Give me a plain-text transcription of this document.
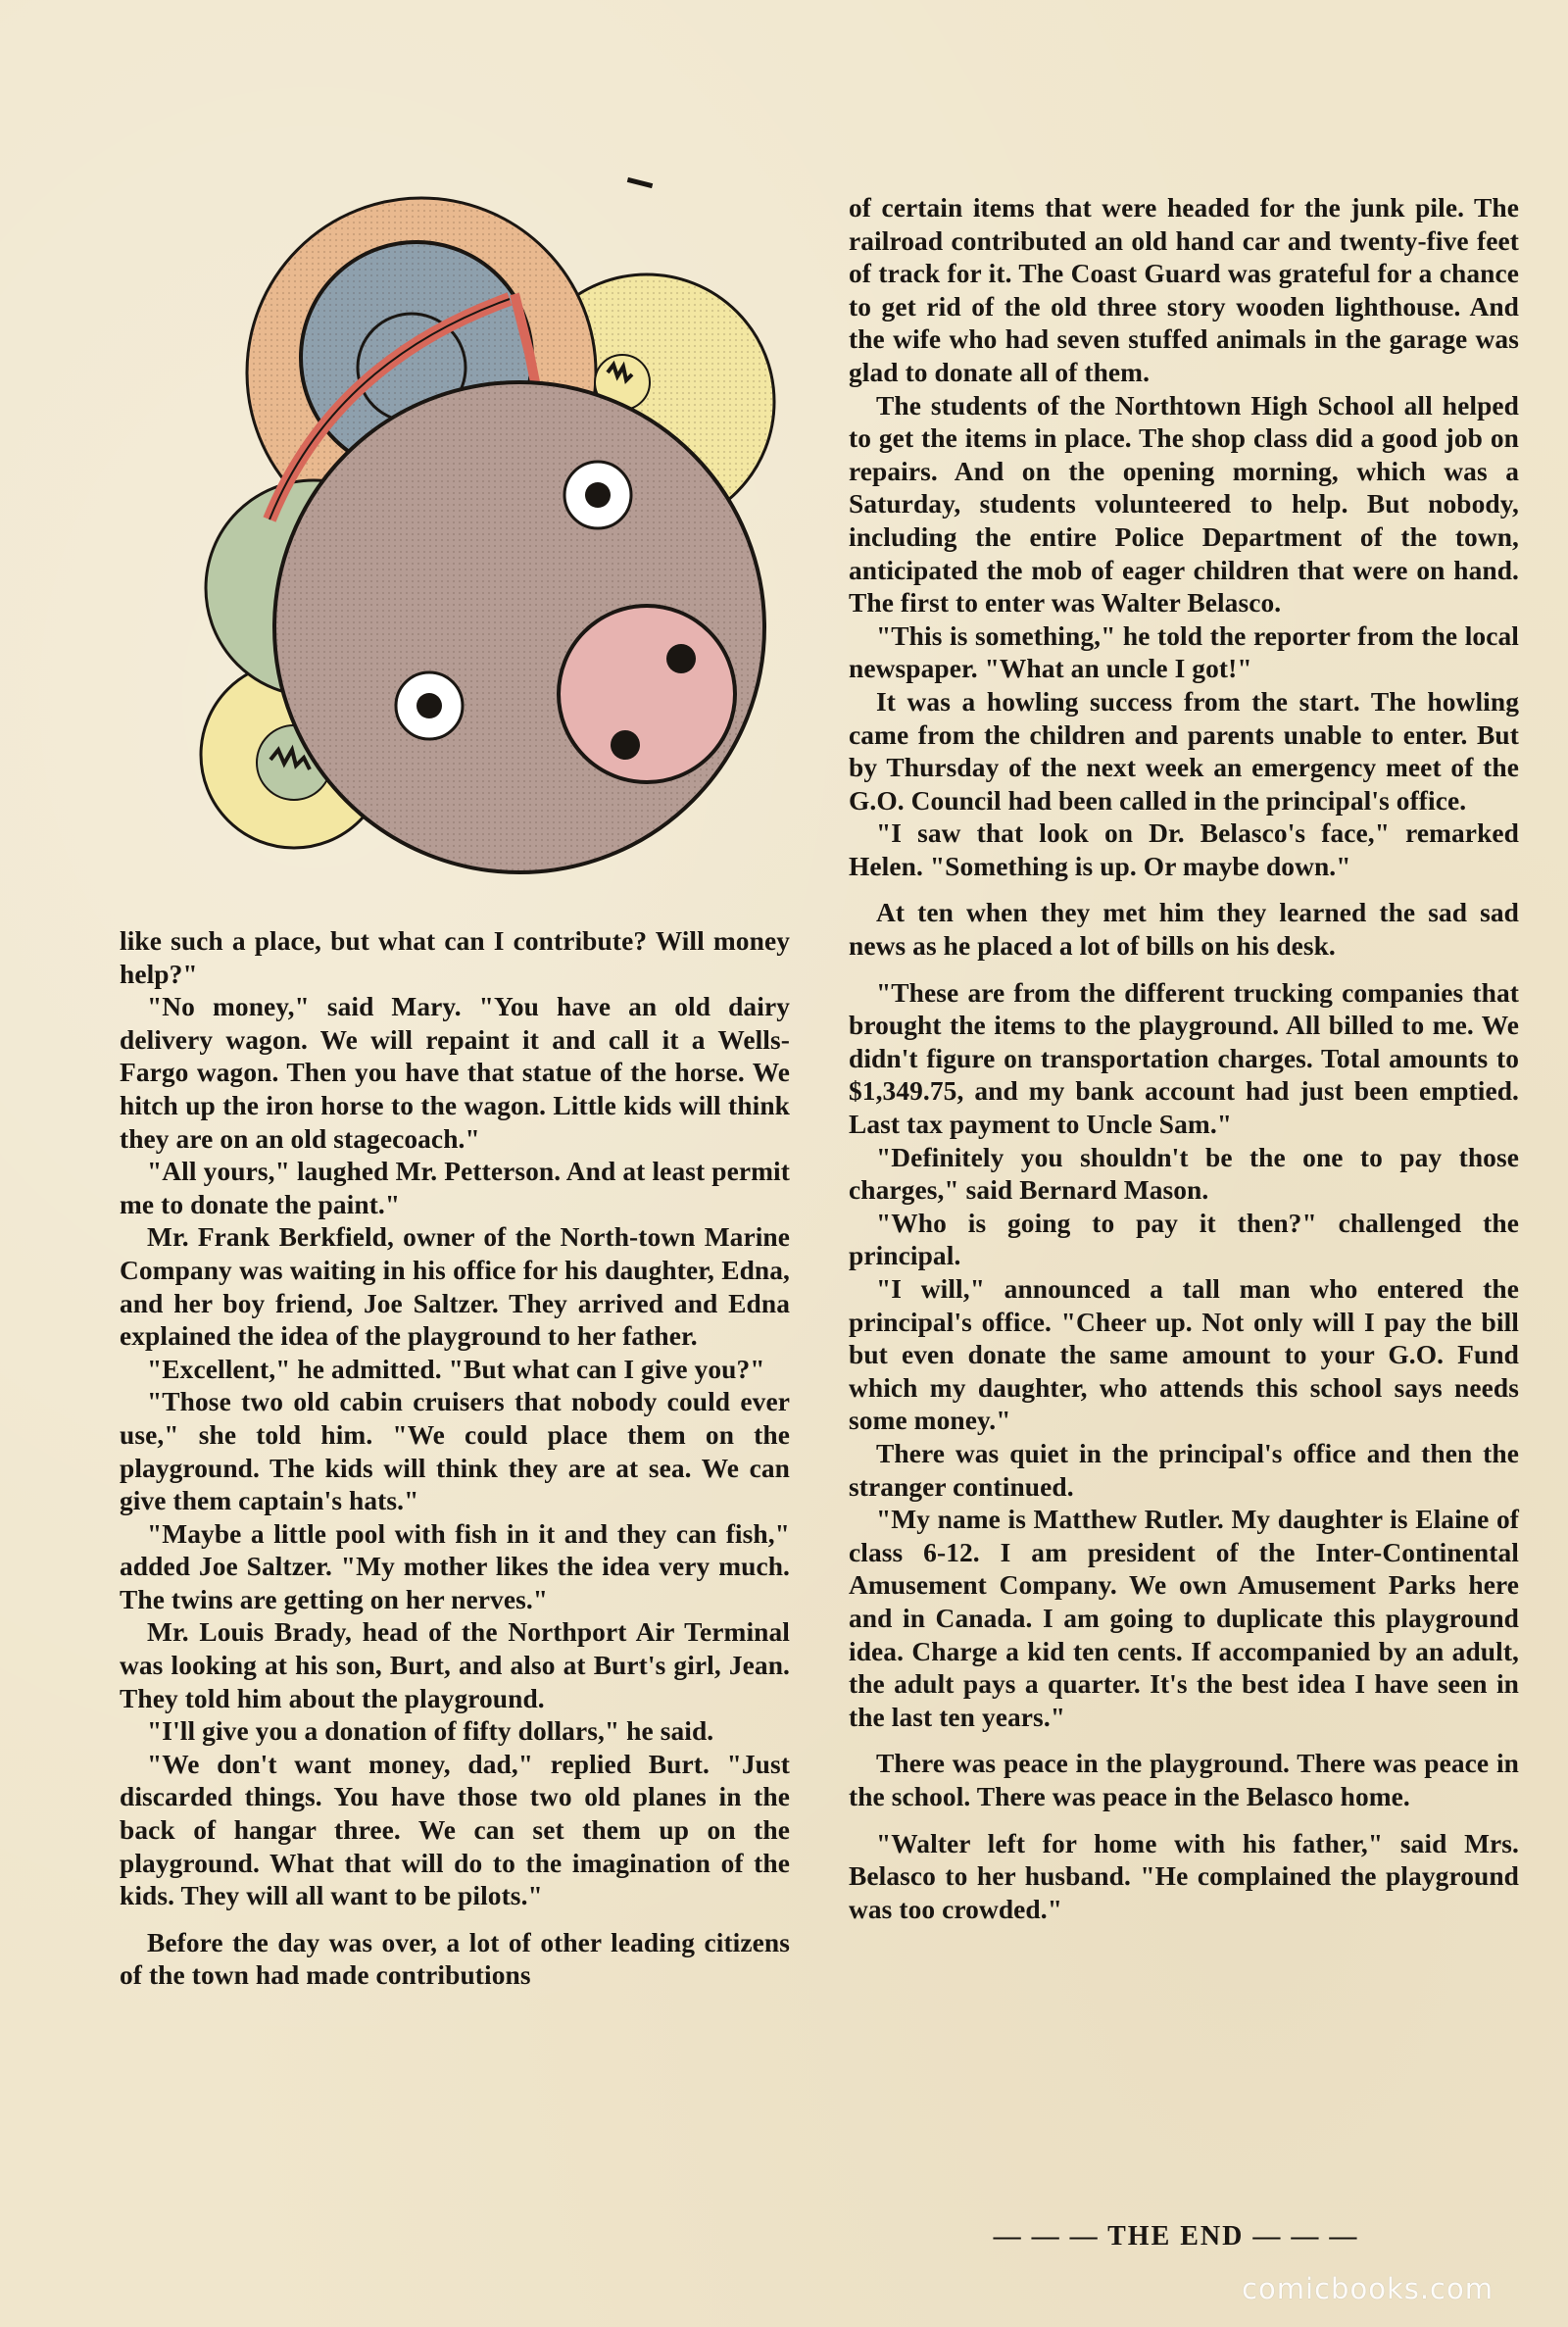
like such a place, but what can I contribute? Will money help?"

"No money," said Mary. "You have an old dairy delivery wagon. We will repaint it and call it a Wells-Fargo wagon. Then you have that statue of the horse. We hitch up the iron horse to the wagon. Little kids will think they are on an old stagecoach."

"All yours," laughed Mr. Petterson. And at least permit me to donate the paint."

Mr. Frank Berkfield, owner of the North-town Marine Company was waiting in his office for his daughter, Edna, and her boy friend, Joe Saltzer. They arrived and Edna explained the idea of the playground to her father.

"Excellent," he admitted. "But what can I give you?"

"Those two old cabin cruisers that nobody could ever use," she told him. "We could place them on the playground. The kids will think they are at sea. We can give them captain's hats."

"Maybe a little pool with fish in it and they can fish," added Joe Saltzer. "My mother likes the idea very much. The twins are getting on her nerves."

Mr. Louis Brady, head of the Northport Air Terminal was looking at his son, Burt, and also at Burt's girl, Jean. They told him about the playground.

"I'll give you a donation of fifty dollars," he said.

"We don't want money, dad," replied Burt. "Just discarded things. You have those two old planes in the back of hangar three. We can set them up on the playground. What that will do to the imagination of the kids. They will all want to be pilots."

Before the day was over, a lot of other leading citizens of the town had made contributions

of certain items that were headed for the junk pile. The railroad contributed an old hand car and twenty-five feet of track for it. The Coast Guard was grateful for a chance to get rid of the old three story wooden lighthouse. And the wife who had seven stuffed animals in the garage was glad to donate all of them.

The students of the Northtown High School all helped to get the items in place. The shop class did a good job on repairs. And on the opening morning, which was a Saturday, students volunteered to help. But nobody, including the entire Police Department of the town, anticipated the mob of eager children that were on hand. The first to enter was Walter Belasco.

"This is something," he told the reporter from the local newspaper. "What an uncle I got!"

It was a howling success from the start. The howling came from the children and parents unable to enter. But by Thursday of the next week an emergency meet of the G.O. Council had been called in the principal's office.

"I saw that look on Dr. Belasco's face," remarked Helen. "Something is up. Or maybe down."

At ten when they met him they learned the sad sad news as he placed a lot of bills on his desk.

"These are from the different trucking companies that brought the items to the playground. All billed to me. We didn't figure on transportation charges. Total amounts to $1,349.75, and my bank account had just been emptied. Last tax payment to Uncle Sam."

"Definitely you shouldn't be the one to pay those charges," said Bernard Mason.

"Who is going to pay it then?" challenged the principal.

"I will," announced a tall man who entered the principal's office. "Cheer up. Not only will I pay the bill but even donate the same amount to your G.O. Fund which my daughter, who attends this school says needs some money."

There was quiet in the principal's office and then the stranger continued.

"My name is Matthew Rutler. My daughter is Elaine of class 6-12. I am president of the Inter-Continental Amusement Company. We own Amusement Parks here and in Canada. I am going to duplicate this playground idea. Charge a kid ten cents. If accompanied by an adult, the adult pays a quarter. It's the best idea I have seen in the last ten years."

There was peace in the playground. There was peace in the school. There was peace in the Belasco home.

"Walter left for home with his father," said Mrs. Belasco to her husband. "He complained the playground was too crowded."

— — — THE END — — —
comicbooks.com
